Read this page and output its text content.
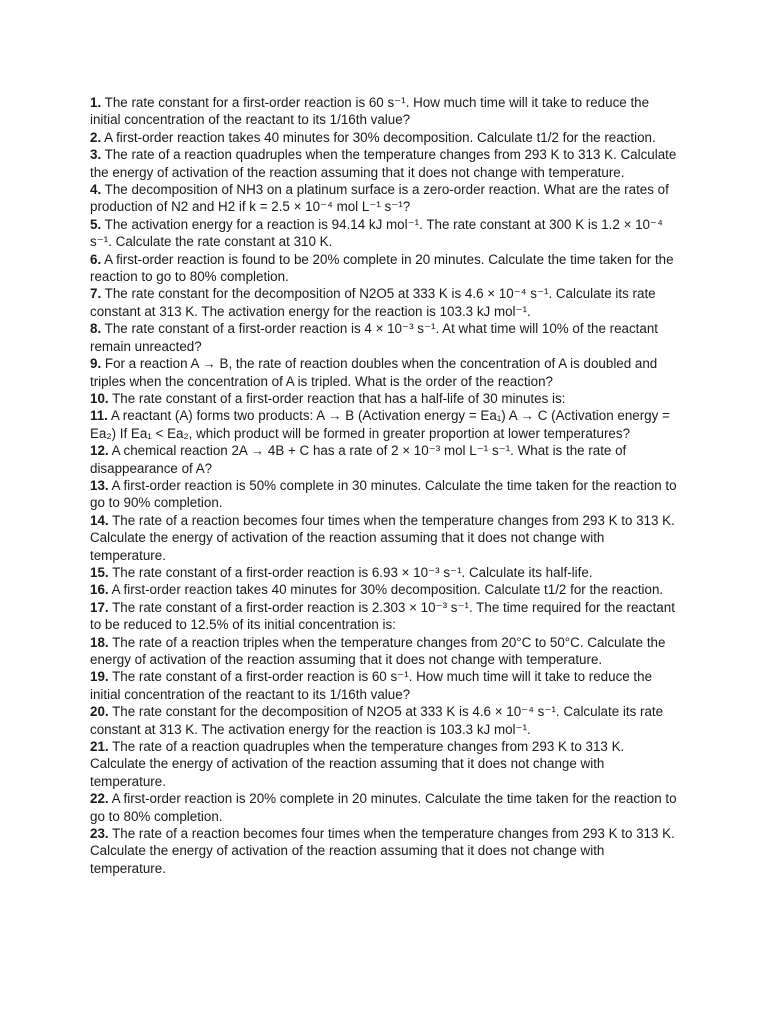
1. The rate constant for a first-order reaction is 60 s⁻¹. How much time will it take to reduce the initial concentration of the reactant to its 1/16th value?

2. A first-order reaction takes 40 minutes for 30% decomposition. Calculate t1/2 for the reaction.

3. The rate of a reaction quadruples when the temperature changes from 293 K to 313 K. Calculate the energy of activation of the reaction assuming that it does not change with temperature.

4. The decomposition of NH3 on a platinum surface is a zero-order reaction. What are the rates of production of N2 and H2 if k = 2.5 × 10⁻⁴ mol L⁻¹ s⁻¹?

5. The activation energy for a reaction is 94.14 kJ mol⁻¹. The rate constant at 300 K is 1.2 × 10⁻⁴ s⁻¹. Calculate the rate constant at 310 K.

6. A first-order reaction is found to be 20% complete in 20 minutes. Calculate the time taken for the reaction to go to 80% completion.

7. The rate constant for the decomposition of N2O5 at 333 K is 4.6 × 10⁻⁴ s⁻¹. Calculate its rate constant at 313 K. The activation energy for the reaction is 103.3 kJ mol⁻¹.

8. The rate constant of a first-order reaction is 4 × 10⁻³ s⁻¹. At what time will 10% of the reactant remain unreacted?

9. For a reaction A → B, the rate of reaction doubles when the concentration of A is doubled and triples when the concentration of A is tripled. What is the order of the reaction?

10. The rate constant of a first-order reaction that has a half-life of 30 minutes is:

11. A reactant (A) forms two products: A → B (Activation energy = Ea₁) A → C (Activation energy = Ea₂) If Ea₁ < Ea₂, which product will be formed in greater proportion at lower temperatures?

12. A chemical reaction 2A → 4B + C has a rate of 2 × 10⁻³ mol L⁻¹ s⁻¹. What is the rate of disappearance of A?

13. A first-order reaction is 50% complete in 30 minutes. Calculate the time taken for the reaction to go to 90% completion.

14. The rate of a reaction becomes four times when the temperature changes from 293 K to 313 K. Calculate the energy of activation of the reaction assuming that it does not change with temperature.

15. The rate constant of a first-order reaction is 6.93 × 10⁻³ s⁻¹. Calculate its half-life.

16. A first-order reaction takes 40 minutes for 30% decomposition. Calculate t1/2 for the reaction.

17. The rate constant of a first-order reaction is 2.303 × 10⁻³ s⁻¹. The time required for the reactant to be reduced to 12.5% of its initial concentration is:

18. The rate of a reaction triples when the temperature changes from 20°C to 50°C. Calculate the energy of activation of the reaction assuming that it does not change with temperature.

19. The rate constant of a first-order reaction is 60 s⁻¹. How much time will it take to reduce the initial concentration of the reactant to its 1/16th value?

20. The rate constant for the decomposition of N2O5 at 333 K is 4.6 × 10⁻⁴ s⁻¹. Calculate its rate constant at 313 K. The activation energy for the reaction is 103.3 kJ mol⁻¹.

21. The rate of a reaction quadruples when the temperature changes from 293 K to 313 K. Calculate the energy of activation of the reaction assuming that it does not change with temperature.

22. A first-order reaction is 20% complete in 20 minutes. Calculate the time taken for the reaction to go to 80% completion.

23. The rate of a reaction becomes four times when the temperature changes from 293 K to 313 K. Calculate the energy of activation of the reaction assuming that it does not change with temperature.
